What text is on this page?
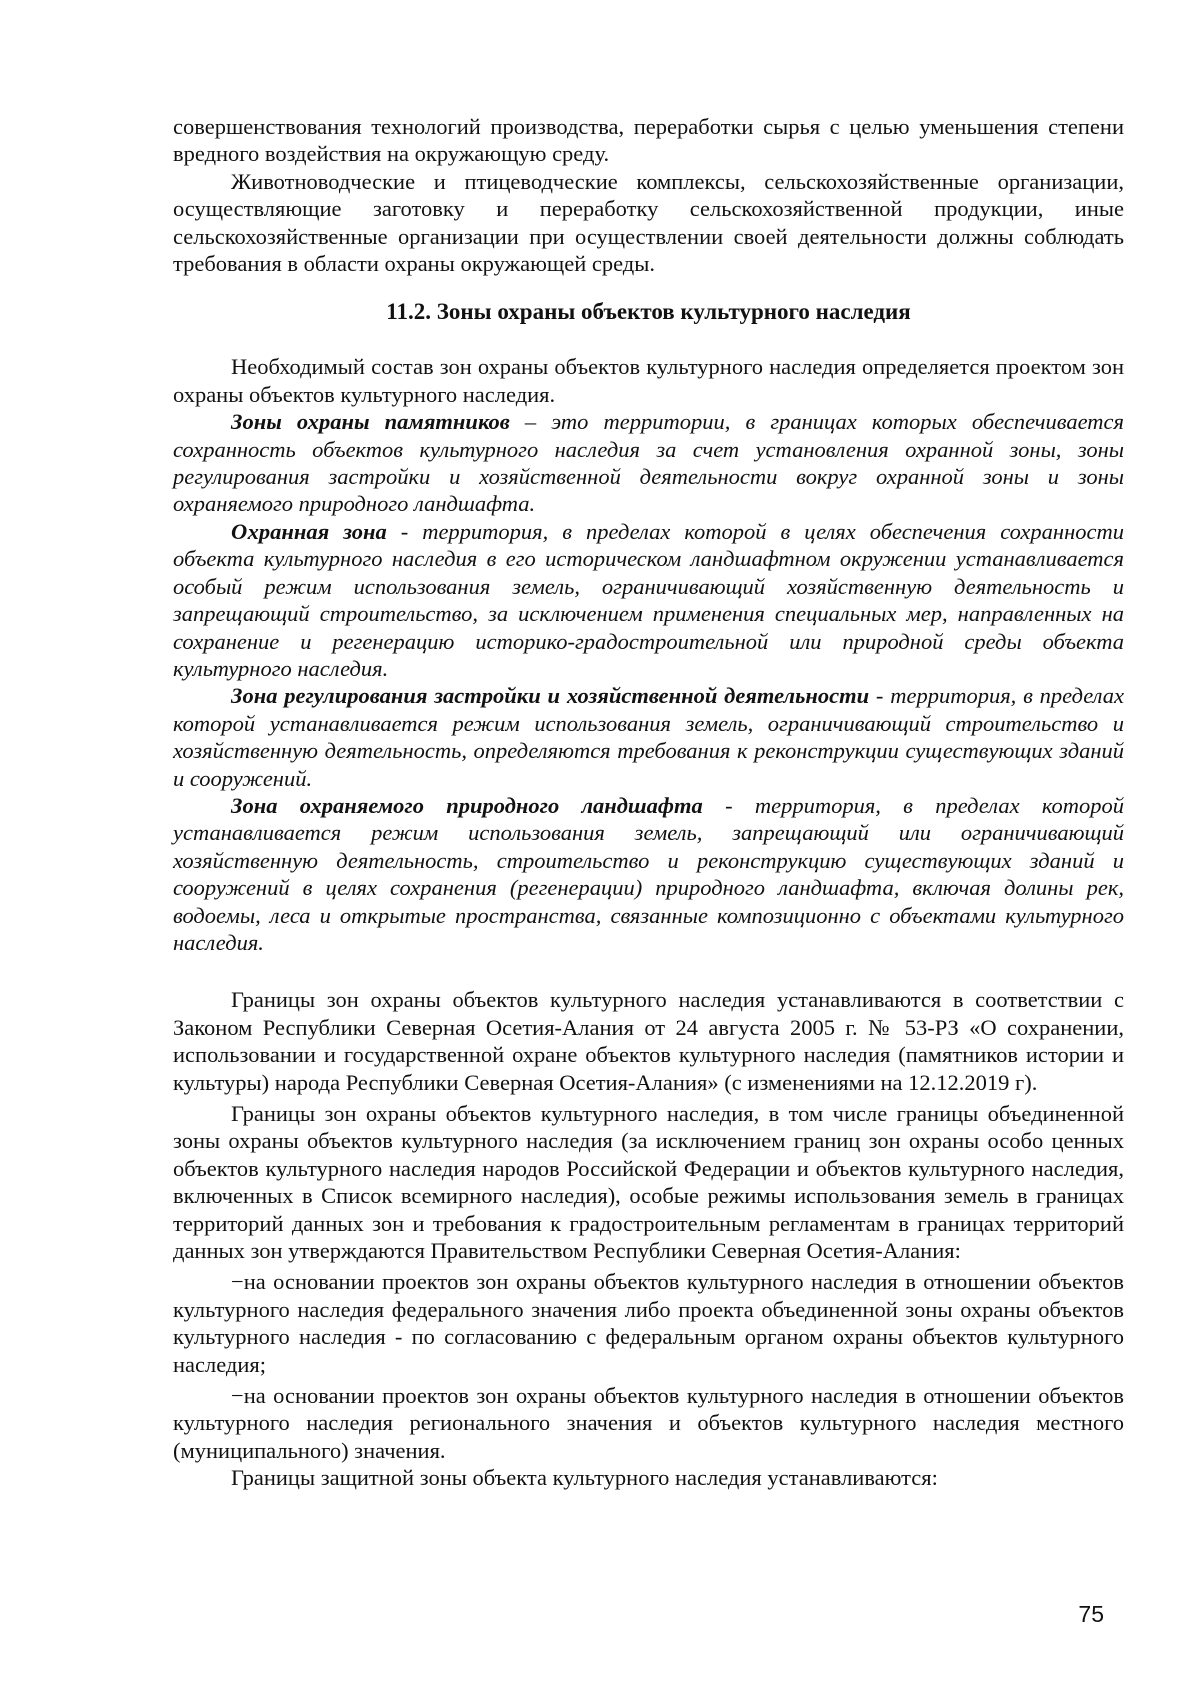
совершенствования технологий производства, переработки сырья с целью уменьшения степени вредного воздействия на окружающую среду.

Животноводческие и птицеводческие комплексы, сельскохозяйственные организации, осуществляющие заготовку и переработку сельскохозяйственной продукции, иные сельскохозяйственные организации при осуществлении своей деятельности должны соблюдать требования в области охраны окружающей среды.

11.2. Зоны охраны объектов культурного наследия

Необходимый состав зон охраны объектов культурного наследия определяется проектом зон охраны объектов культурного наследия.

Зоны охраны памятников – это территории, в границах которых обеспечивается сохранность объектов культурного наследия за счет установления охранной зоны, зоны регулирования застройки и хозяйственной деятельности вокруг охранной зоны и зоны охраняемого природного ландшафта.

Охранная зона - территория, в пределах которой в целях обеспечения сохранности объекта культурного наследия в его историческом ландшафтном окружении устанавливается особый режим использования земель, ограничивающий хозяйственную деятельность и запрещающий строительство, за исключением применения специальных мер, направленных на сохранение и регенерацию историко-градостроительной или природной среды объекта культурного наследия.

Зона регулирования застройки и хозяйственной деятельности - территория, в пределах которой устанавливается режим использования земель, ограничивающий строительство и хозяйственную деятельность, определяются требования к реконструкции существующих зданий и сооружений.

Зона охраняемого природного ландшафта - территория, в пределах которой устанавливается режим использования земель, запрещающий или ограничивающий хозяйственную деятельность, строительство и реконструкцию существующих зданий и сооружений в целях сохранения (регенерации) природного ландшафта, включая долины рек, водоемы, леса и открытые пространства, связанные композиционно с объектами культурного наследия.

Границы зон охраны объектов культурного наследия устанавливаются в соответствии с Законом Республики Северная Осетия-Алания от 24 августа 2005 г. № 53-РЗ «О сохранении, использовании и государственной охране объектов культурного наследия (памятников истории и культуры) народа Республики Северная Осетия-Алания» (с изменениями на 12.12.2019 г).

Границы зон охраны объектов культурного наследия, в том числе границы объединенной зоны охраны объектов культурного наследия (за исключением границ зон охраны особо ценных объектов культурного наследия народов Российской Федерации и объектов культурного наследия, включенных в Список всемирного наследия), особые режимы использования земель в границах территорий данных зон и требования к градостроительным регламентам в границах территорий данных зон утверждаются Правительством Республики Северная Осетия-Алания:

−на основании проектов зон охраны объектов культурного наследия в отношении объектов культурного наследия федерального значения либо проекта объединенной зоны охраны объектов культурного наследия - по согласованию с федеральным органом охраны объектов культурного наследия;

−на основании проектов зон охраны объектов культурного наследия в отношении объектов культурного наследия регионального значения и объектов культурного наследия местного (муниципального) значения.

Границы защитной зоны объекта культурного наследия устанавливаются:

75
